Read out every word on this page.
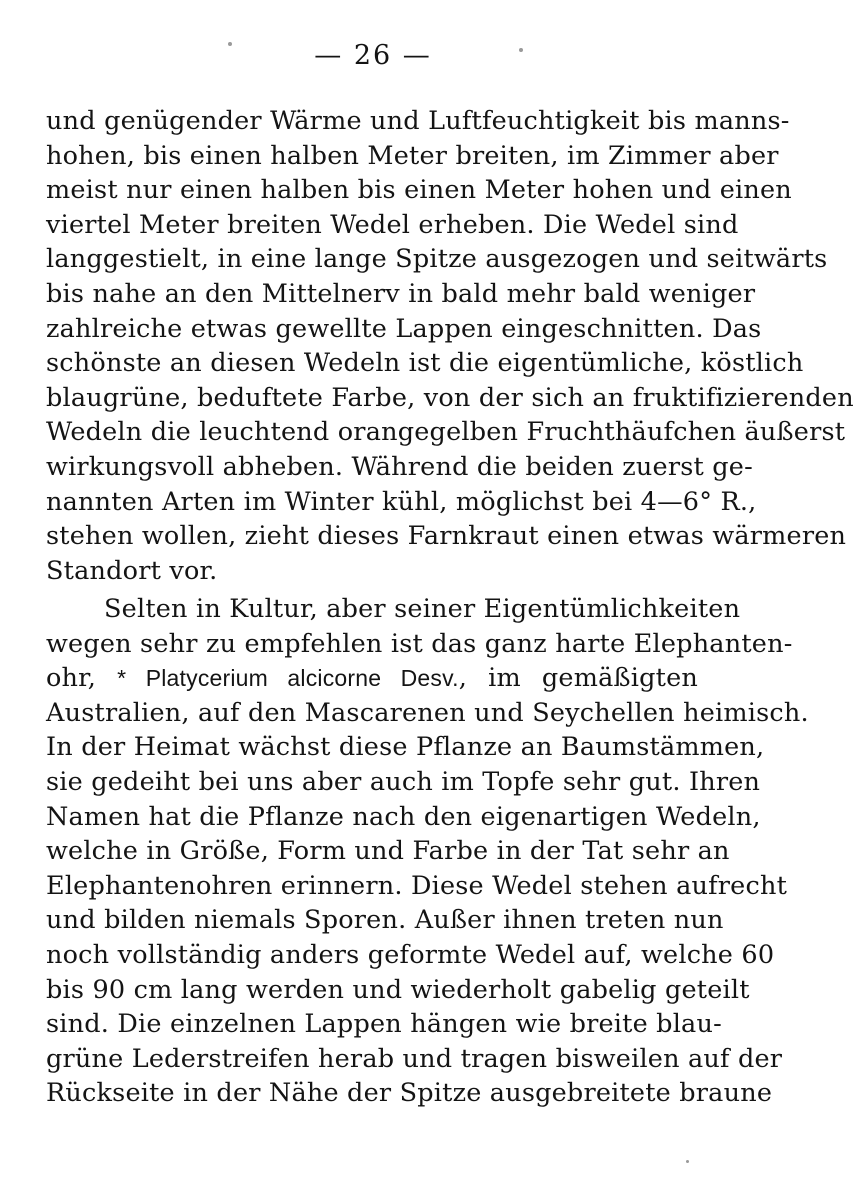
— 26 —
und genügender Wärme und Luftfeuchtigkeit bis manns-
hohen, bis einen halben Meter breiten, im Zimmer aber
meist nur einen halben bis einen Meter hohen und einen
viertel Meter breiten Wedel erheben. Die Wedel sind
langgestielt, in eine lange Spitze ausgezogen und seitwärts
bis nahe an den Mittelnerv in bald mehr bald weniger
zahlreiche etwas gewellte Lappen eingeschnitten. Das
schönste an diesen Wedeln ist die eigentümliche, köstlich
blaugrüne, beduftete Farbe, von der sich an fruktifizierenden
Wedeln die leuchtend orangegelben Fruchthäufchen äußerst
wirkungsvoll abheben. Während die beiden zuerst ge-
nannten Arten im Winter kühl, möglichst bei 4—6° R.,
stehen wollen, zieht dieses Farnkraut einen etwas wärmeren
Standort vor.
Selten in Kultur, aber seiner Eigentümlichkeiten
wegen sehr zu empfehlen ist das ganz harte Elephanten-
ohr, * Platycerium alcicorne Desv., im gemäßigten
Australien, auf den Mascarenen und Seychellen heimisch.
In der Heimat wächst diese Pflanze an Baumstämmen,
sie gedeiht bei uns aber auch im Topfe sehr gut. Ihren
Namen hat die Pflanze nach den eigenartigen Wedeln,
welche in Größe, Form und Farbe in der Tat sehr an
Elephantenohren erinnern. Diese Wedel stehen aufrecht
und bilden niemals Sporen. Außer ihnen treten nun
noch vollständig anders geformte Wedel auf, welche 60
bis 90 cm lang werden und wiederholt gabelig geteilt
sind. Die einzelnen Lappen hängen wie breite blau-
grüne Lederstreifen herab und tragen bisweilen auf der
Rückseite in der Nähe der Spitze ausgebreitete braune
